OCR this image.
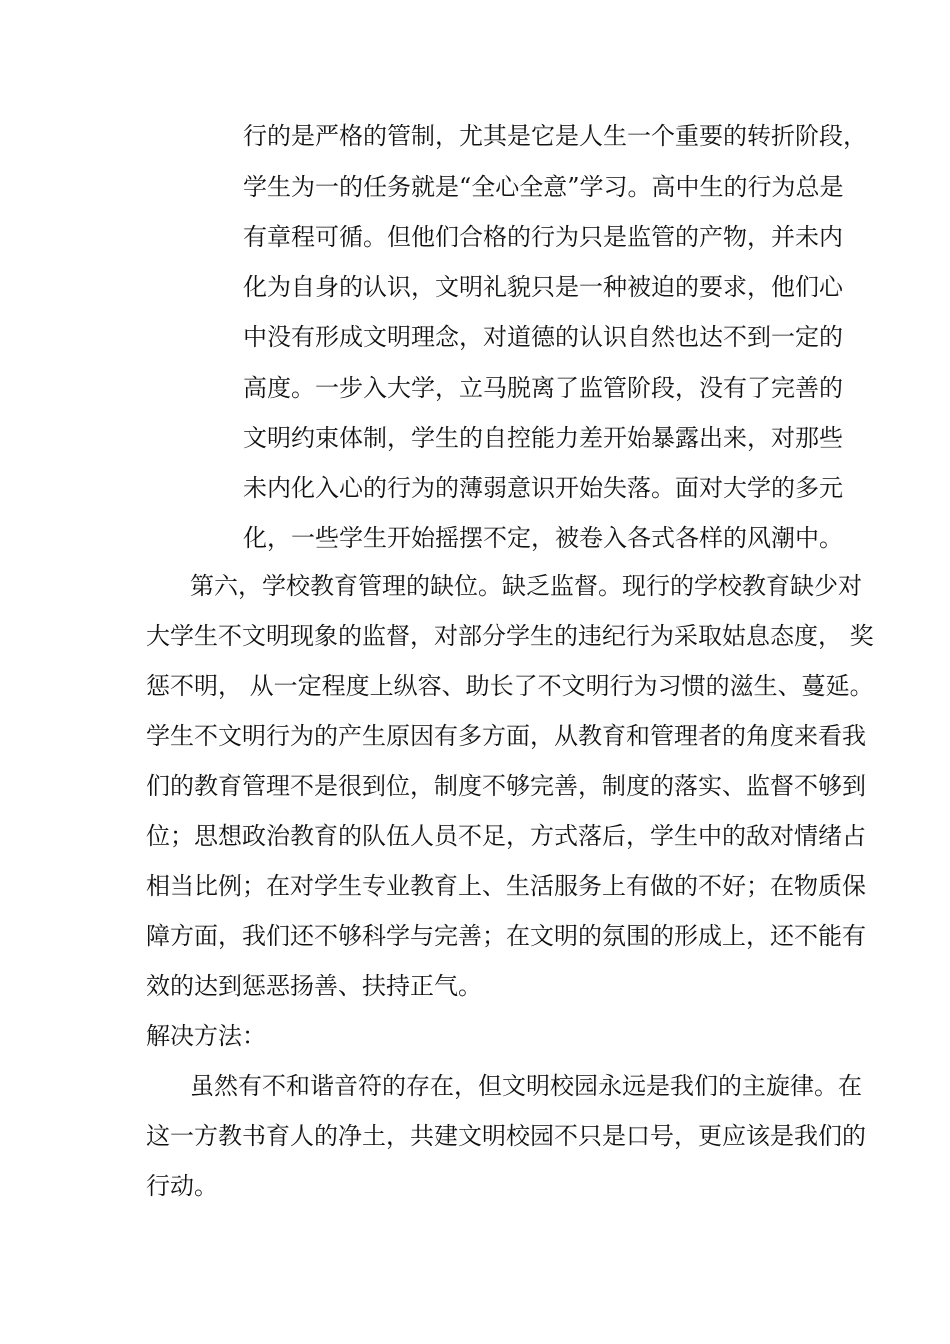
行的是严格的管制，尤其是它是人生一个重要的转折阶段，

学生为一的任务就是“全心全意”学习。高中生的行为总是

有章程可循。但他们合格的行为只是监管的产物，并未内

化为自身的认识，文明礼貌只是一种被迫的要求，他们心

中没有形成文明理念，对道德的认识自然也达不到一定的

高度。一步入大学，立马脱离了监管阶段，没有了完善的

文明约束体制，学生的自控能力差开始暴露出来，对那些

未内化入心的行为的薄弱意识开始失落。面对大学的多元

化，一些学生开始摇摆不定，被卷入各式各样的风潮中。

第六，学校教育管理的缺位。缺乏监督。现行的学校教育缺少对

大学生不文明现象的监督，对部分学生的违纪行为采取姑息态度， 奖

惩不明， 从一定程度上纵容、助长了不文明行为习惯的滋生、蔓延。

学生不文明行为的产生原因有多方面，从教育和管理者的角度来看我

们的教育管理不是很到位，制度不够完善，制度的落实、监督不够到

位；思想政治教育的队伍人员不足，方式落后，学生中的敌对情绪占

相当比例；在对学生专业教育上、生活服务上有做的不好；在物质保

障方面，我们还不够科学与完善；在文明的氛围的形成上，还不能有

效的达到惩恶扬善、扶持正气。

解决方法：

虽然有不和谐音符的存在，但文明校园永远是我们的主旋律。在

这一方教书育人的净土，共建文明校园不只是口号，更应该是我们的

行动。
